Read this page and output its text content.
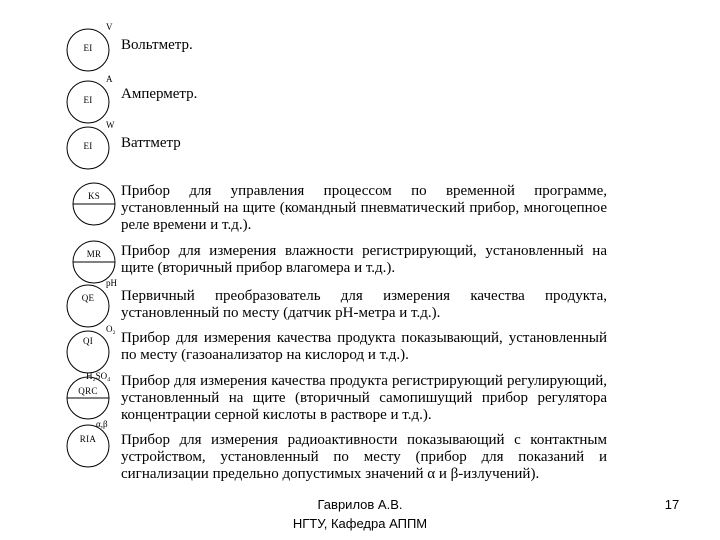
EI
V
Вольтметр.
EI
A
Амперметр.
EI
W
Ваттметр
KS	Прибор для управления процессом по временной программе, установленный на щите (командный пневматический прибор, многоцепное реле времени и т.д.).
MR	Прибор для измерения влажности регистрирующий, установленный на щите (вторичный прибор влагомера и т.д.).
QE
pH
Первичный преобразователь для измерения качества продукта, установленный по месту (датчик pH-метра и т.д.).
QI
O₂
Прибор для измерения качества продукта показывающий, установленный по месту (газоанализатор на кислород и т.д.).
QRC
H₂SO₄ Прибор для измерения качества продукта регистрирующий регулирующий, установленный на щите (вторичный самопишущий прибор регулятора концентрации серной кислоты в растворе и т.д.).
RIA
α,β
Прибор для измерения радиоактивности показывающий с контактным устройством, установленный по месту (прибор для показаний и сигнализации предельно допустимых значений α и β-излучений).
Гаврилов А.В.
НГТУ, Кафедра АППМ
17
